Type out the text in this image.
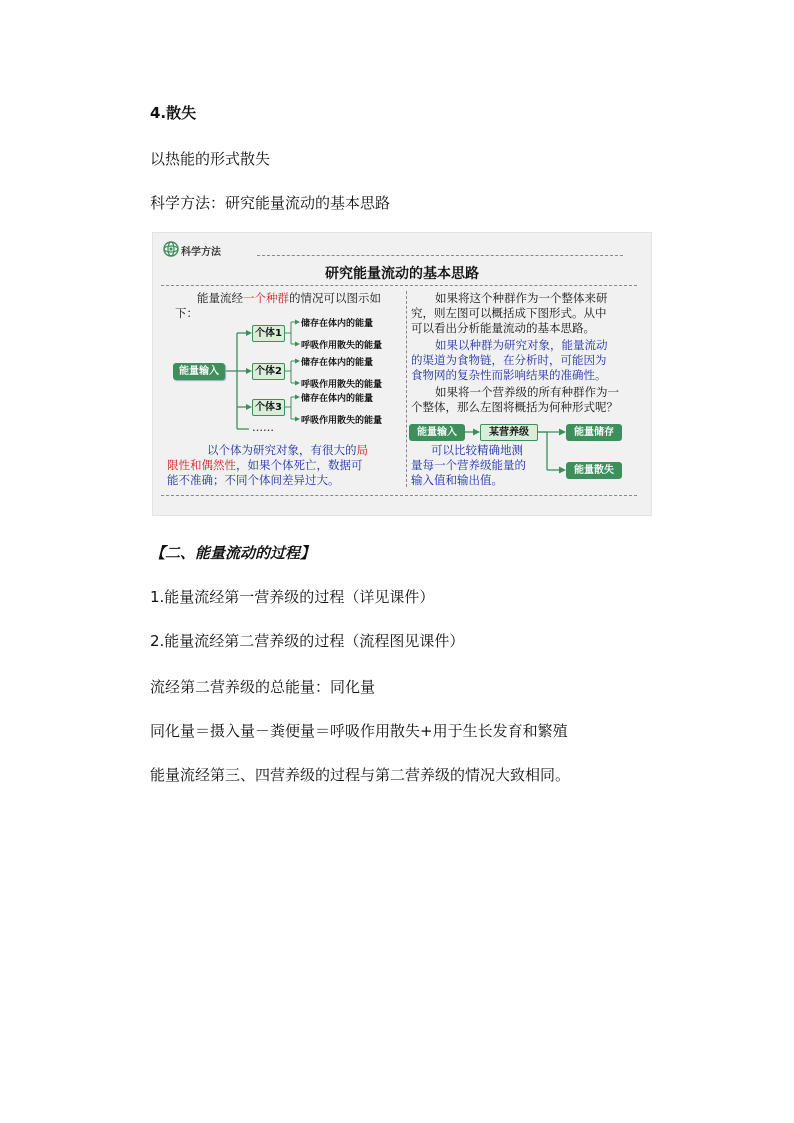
4.散失
以热能的形式散失
科学方法：研究能量流动的基本思路
科学方法
研究能量流动的基本思路
能量流经一个种群的情况可以图示如
下：
能量输入
个体1
个体2
个体3
储存在体内的能量
呼吸作用散失的能量
储存在体内的能量
呼吸作用散失的能量
储存在体内的能量
呼吸作用散失的能量
……
以个体为研究对象，有很大的局
限性和偶然性，如果个体死亡，数据可
能不准确；不同个体间差异过大。
如果将这个种群作为一个整体来研
究，则左图可以概括成下图形式。从中
可以看出分析能量流动的基本思路。
如果以种群为研究对象，能量流动
的渠道为食物链，在分析时，可能因为
食物网的复杂性而影响结果的准确性。
如果将一个营养级的所有种群作为一
个整体，那么左图将概括为何种形式呢？
能量输入	某营养级	能量储存
能量散失
可以比较精确地测
量每一个营养级能量的
输入值和输出值。
【二、能量流动的过程】
1.能量流经第一营养级的过程（详见课件）
2.能量流经第二营养级的过程（流程图见课件）
流经第二营养级的总能量：同化量
同化量＝摄入量－粪便量＝呼吸作用散失+用于生长发育和繁殖
能量流经第三、四营养级的过程与第二营养级的情况大致相同。
